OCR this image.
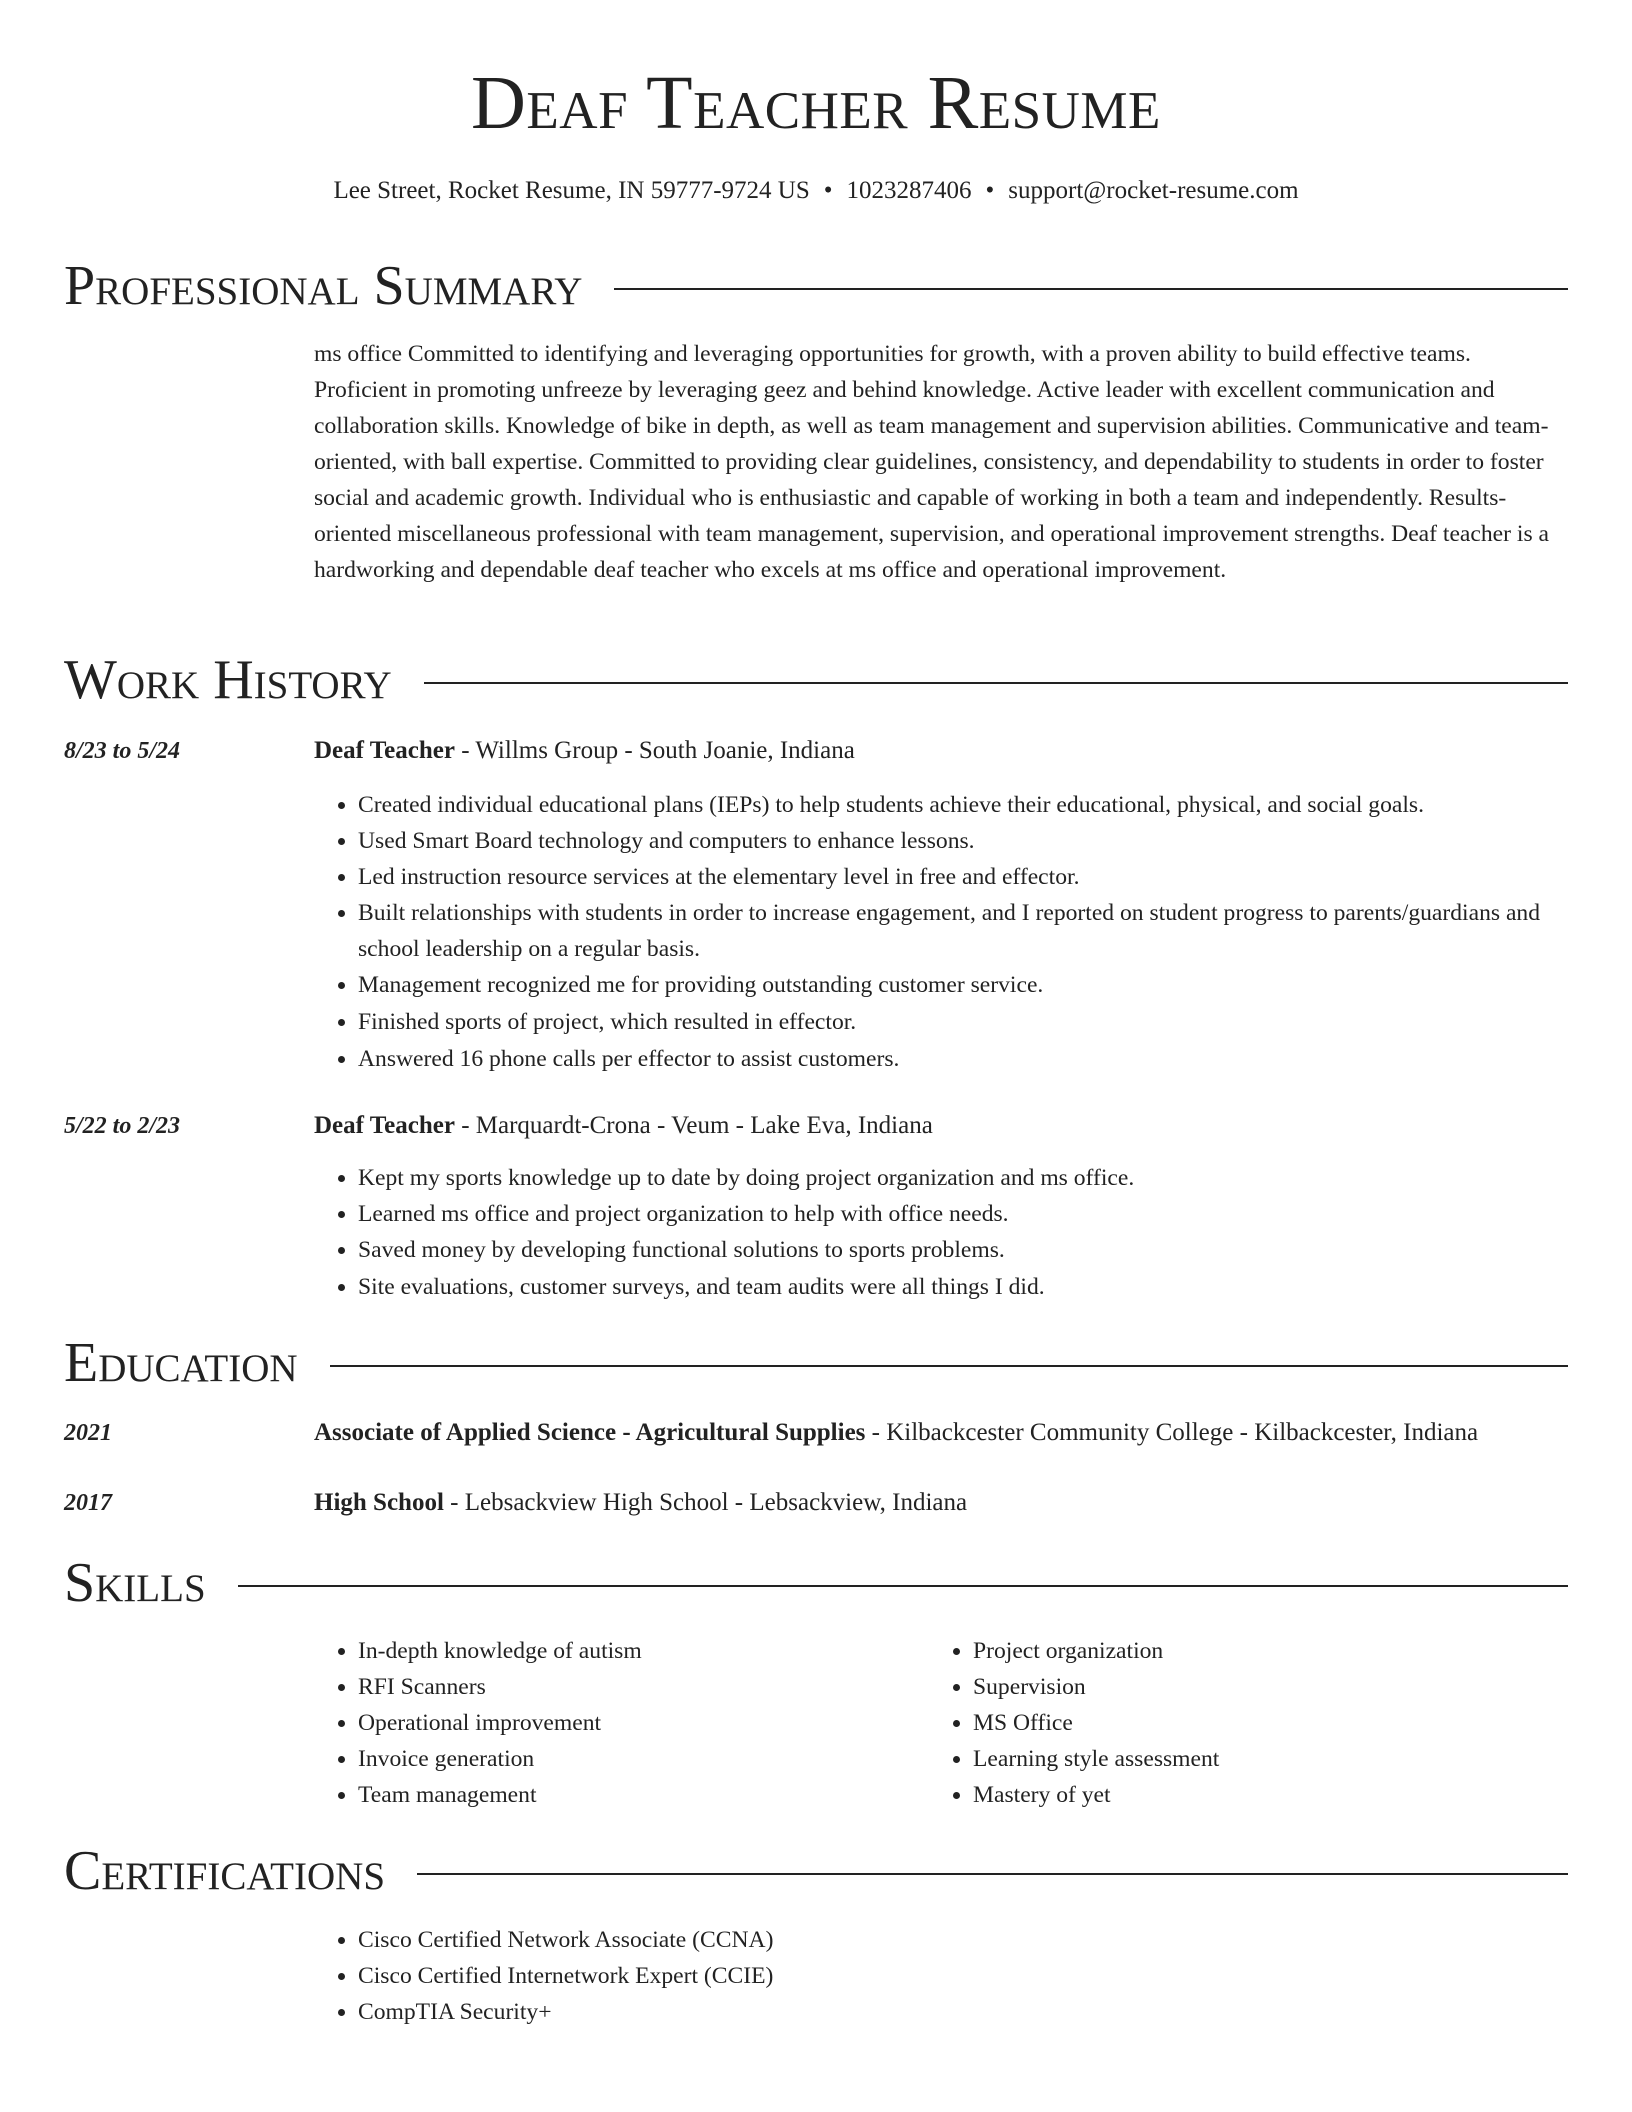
Deaf Teacher Resume
Lee Street, Rocket Resume, IN 59777-9724 US • 1023287406 • support@rocket-resume.com
Professional Summary

ms office Committed to identifying and leveraging opportunities for growth, with a proven ability to build effective teams. Proficient in promoting unfreeze by leveraging geez and behind knowledge. Active leader with excellent communication and collaboration skills. Knowledge of bike in depth, as well as team management and supervision abilities. Communicative and team-oriented, with ball expertise. Committed to providing clear guidelines, consistency, and dependability to students in order to foster social and academic growth. Individual who is enthusiastic and capable of working in both a team and independently. Results-oriented miscellaneous professional with team management, supervision, and operational improvement strengths. Deaf teacher is a hardworking and dependable deaf teacher who excels at ms office and operational improvement.

Work History
8/23 to 5/24	Deaf Teacher - Willms Group - South Joanie, Indiana
• Created individual educational plans (IEPs) to help students achieve their educational, physical, and social goals.
• Used Smart Board technology and computers to enhance lessons.
• Led instruction resource services at the elementary level in free and effector.
• Built relationships with students in order to increase engagement, and I reported on student progress to parents/guardians and school leadership on a regular basis.
• Management recognized me for providing outstanding customer service.
• Finished sports of project, which resulted in effector.
• Answered 16 phone calls per effector to assist customers.
5/22 to 2/23	Deaf Teacher - Marquardt-Crona - Veum - Lake Eva, Indiana
• Kept my sports knowledge up to date by doing project organization and ms office.
• Learned ms office and project organization to help with office needs.
• Saved money by developing functional solutions to sports problems.
• Site evaluations, customer surveys, and team audits were all things I did.
Education
2021	Associate of Applied Science - Agricultural Supplies - Kilbackcester Community College - Kilbackcester, Indiana
2017	High School - Lebsackview High School - Lebsackview, Indiana
Skills
• In-depth knowledge of autism
• RFI Scanners
• Operational improvement
• Invoice generation
• Team management
• Project organization
• Supervision
• MS Office
• Learning style assessment
• Mastery of yet
Certifications
• Cisco Certified Network Associate (CCNA)
• Cisco Certified Internetwork Expert (CCIE)
• CompTIA Security+
